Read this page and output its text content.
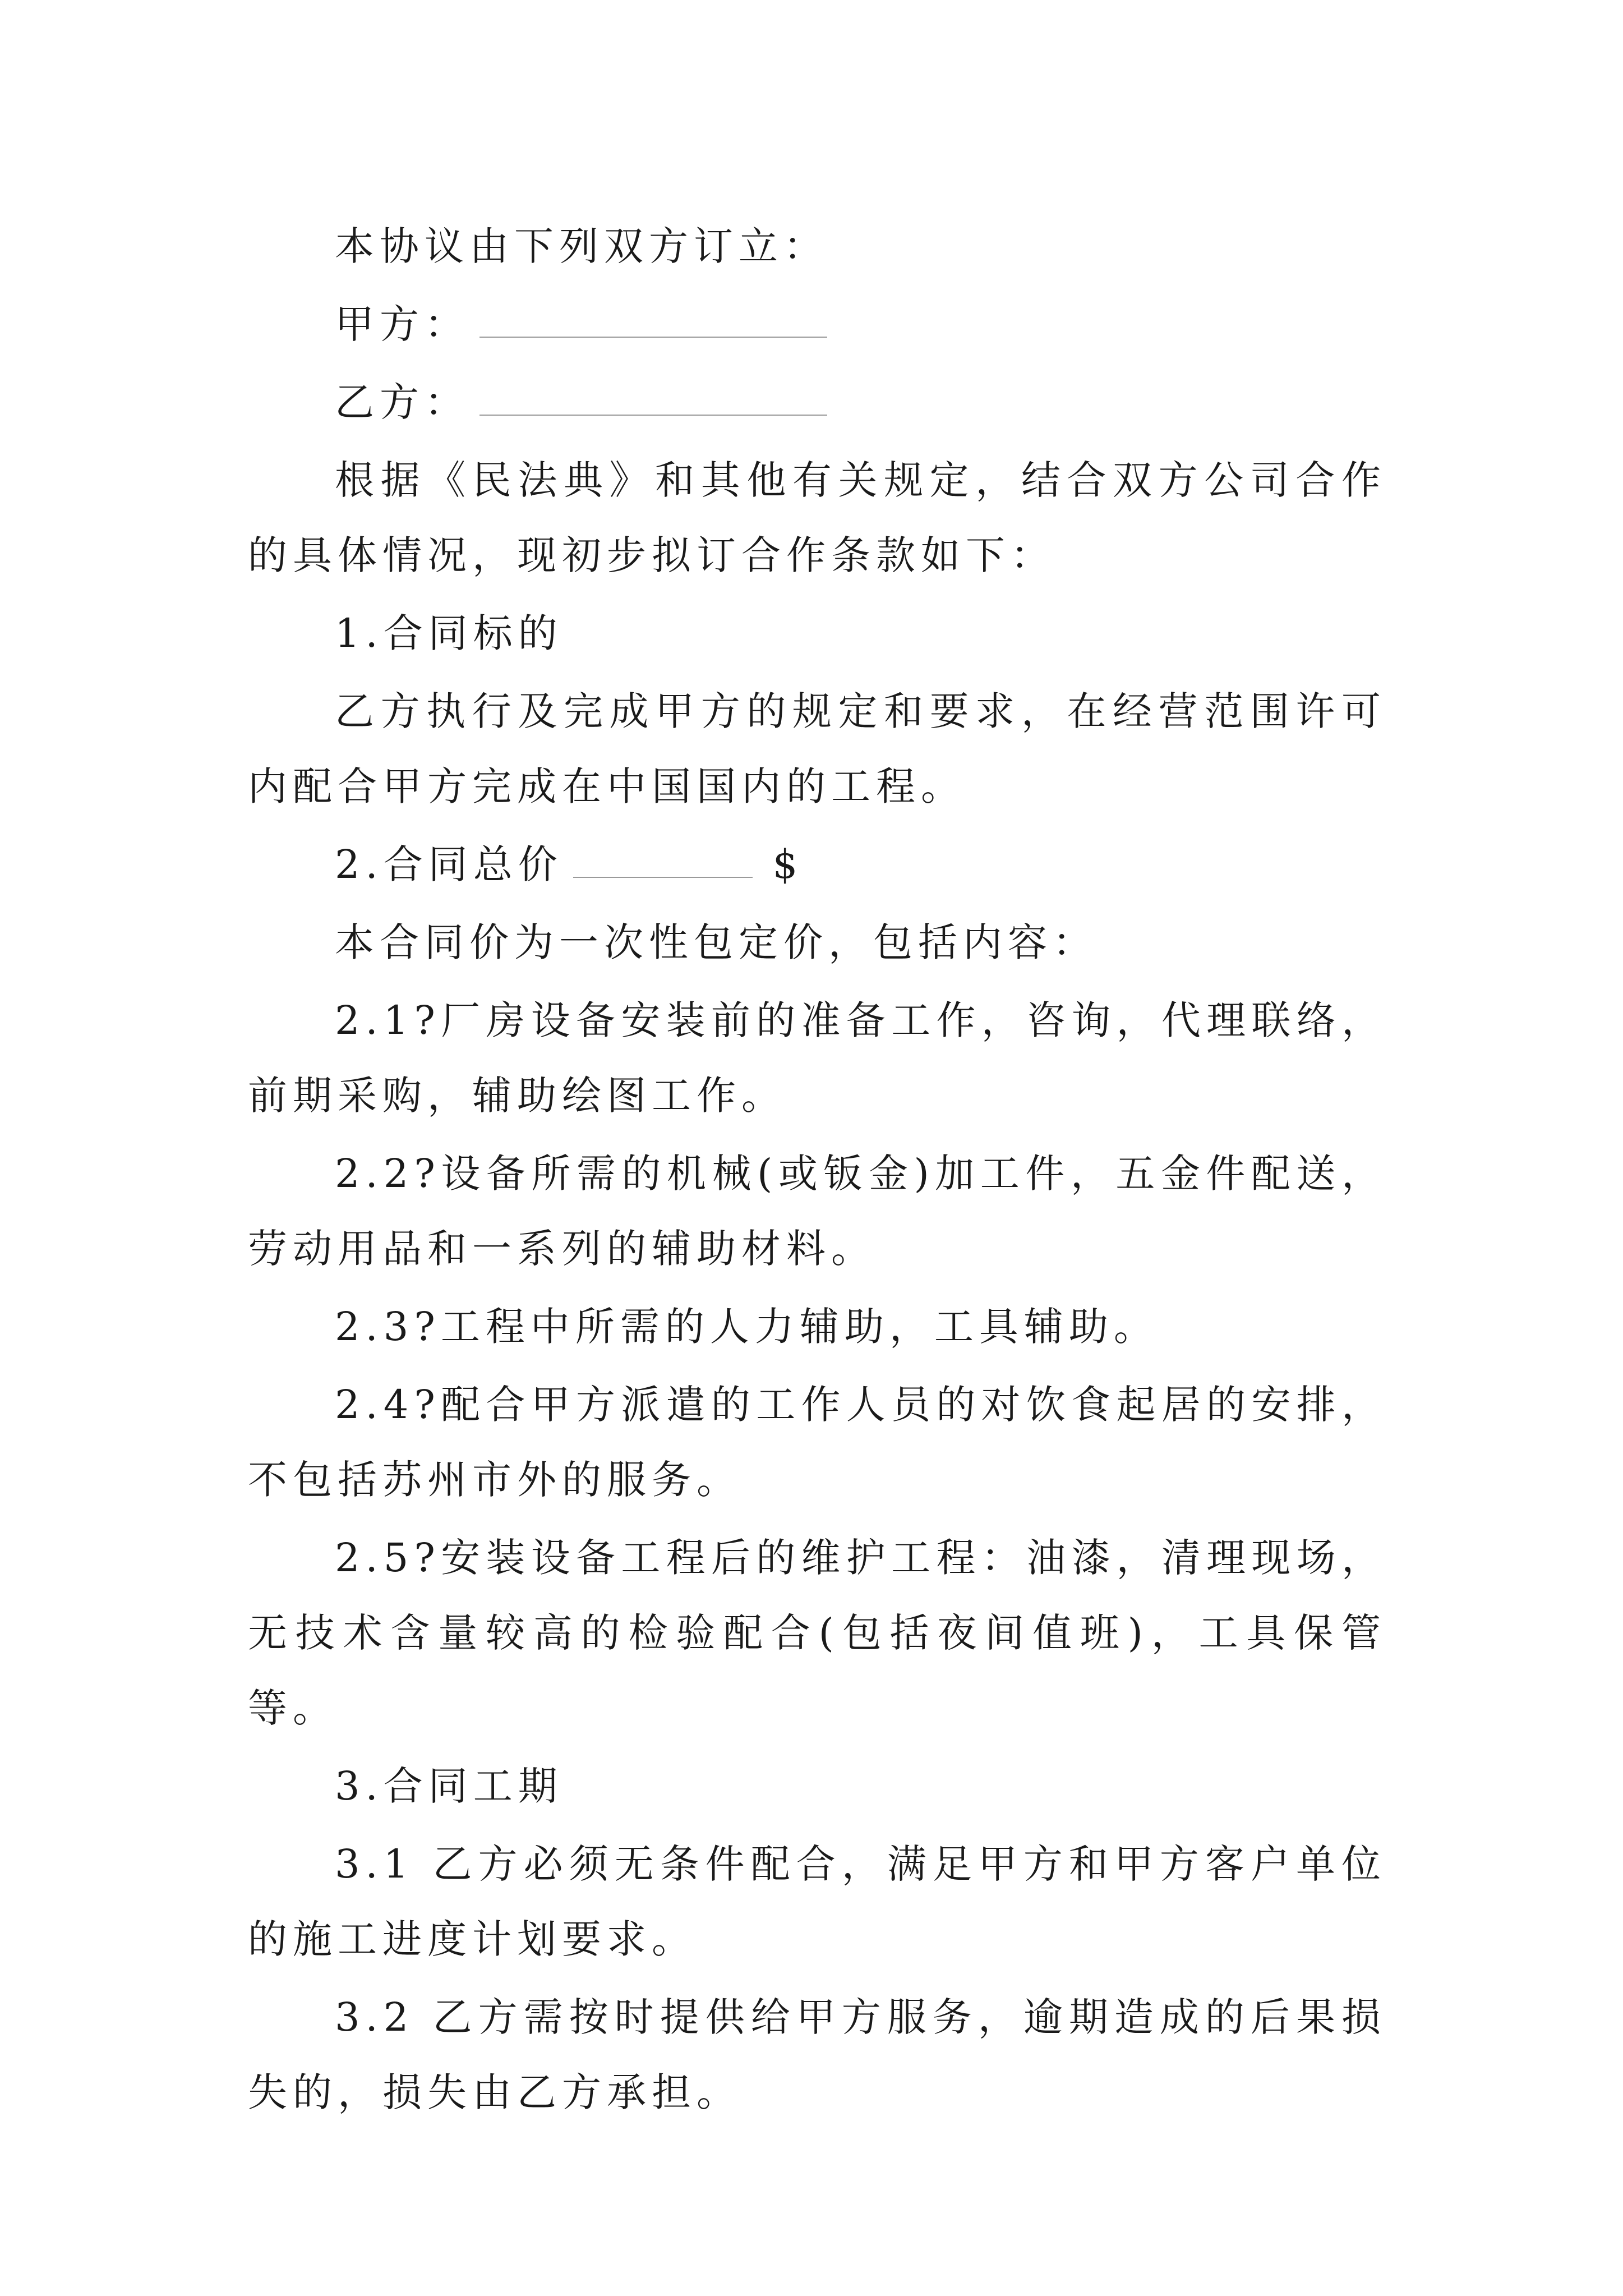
本协议由下列双方订立：

甲方：

乙方：

根据《民法典》和其他有关规定，结合双方公司合作的具体情况，现初步拟订合作条款如下：

1.合同标的

乙方执行及完成甲方的规定和要求，在经营范围许可内配合甲方完成在中国国内的工程。

2.合同总价	$

本合同价为一次性包定价，包括内容：

2.1?厂房设备安装前的准备工作，咨询，代理联络，前期采购，辅助绘图工作。

2.2?设备所需的机械(或钣金)加工件，五金件配送，劳动用品和一系列的辅助材料。

2.3?工程中所需的人力辅助，工具辅助。

2.4?配合甲方派遣的工作人员的对饮食起居的安排，不包括苏州市外的服务。

2.5?安装设备工程后的维护工程：油漆，清理现场，无技术含量较高的检验配合(包括夜间值班)，工具保管等。

3.合同工期

3.1 乙方必须无条件配合，满足甲方和甲方客户单位的施工进度计划要求。

3.2 乙方需按时提供给甲方服务，逾期造成的后果损失的，损失由乙方承担。
